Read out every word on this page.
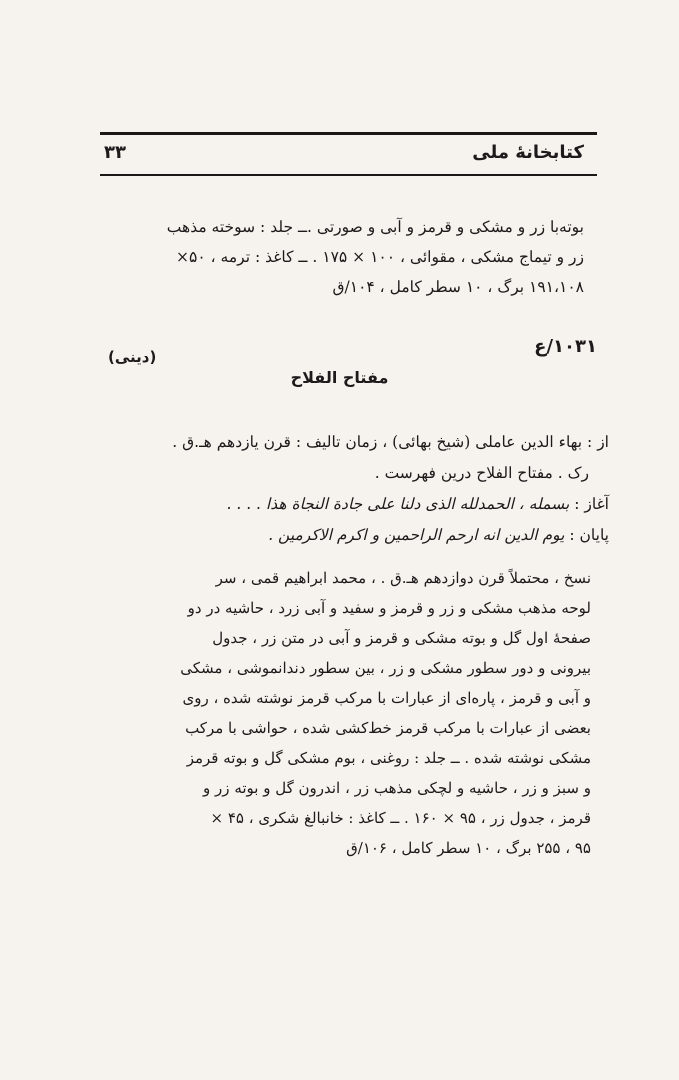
کتابخانهٔ ملی
۳۳
بوته‌با زر و مشکی و قرمز و آبی و صورتی .ــ جلد : سوخته مذهب
زر و تیماج مشکی ، مقوائی ، ۱۰۰ × ۱۷۵ . ــ کاغذ : ترمه ، ۵۰×
۱۹۱،۱۰۸ برگ ، ۱۰ سطر کامل ، ۱۰۴/ق
۱۰۳۱/ع
(دینی)
مفتاح الفلاح
از : بهاء الدین عاملی (شیخ بهائی) ، زمان تالیف : قرن یازدهم هـ.ق .
رک . مفتاح الفلاح درین فهرست .
آغاز : بسمله ، الحمدلله الذی دلنا علی جادة النجاة هذا . . . .
پایان : یوم الدین انه ارحم الراحمین و اکرم الاکرمین .
نسخ ، محتملاً قرن دوازدهم هـ.ق . ، محمد ابراهیم قمی ، سر
لوحه مذهب مشکی و زر و قرمز و سفید و آبی زرد ، حاشیه در دو
صفحهٔ اول گل و بوته مشکی و قرمز و آبی در متن زر ، جدول
بیرونی و دور سطور مشکی و زر ، بین سطور دندانموشی ، مشکی
و آبی و قرمز ، پاره‌ای از عبارات با مرکب قرمز نوشته شده ، روی
بعضی از عبارات با مرکب قرمز خط‌کشی شده ، حواشی با مرکب
مشکی نوشته شده . ــ جلد : روغنی ، بوم مشکی گل و بوته قرمز
و سبز و زر ، حاشیه و لچکی مذهب زر ، اندرون گل و بوته زر و
قرمز ، جدول زر ، ۹۵ × ۱۶۰ . ــ کاغذ : خانبالغ شکری ، ۴۵ ×
۹۵ ، ۲۵۵ برگ ، ۱۰ سطر کامل ، ۱۰۶/ق
